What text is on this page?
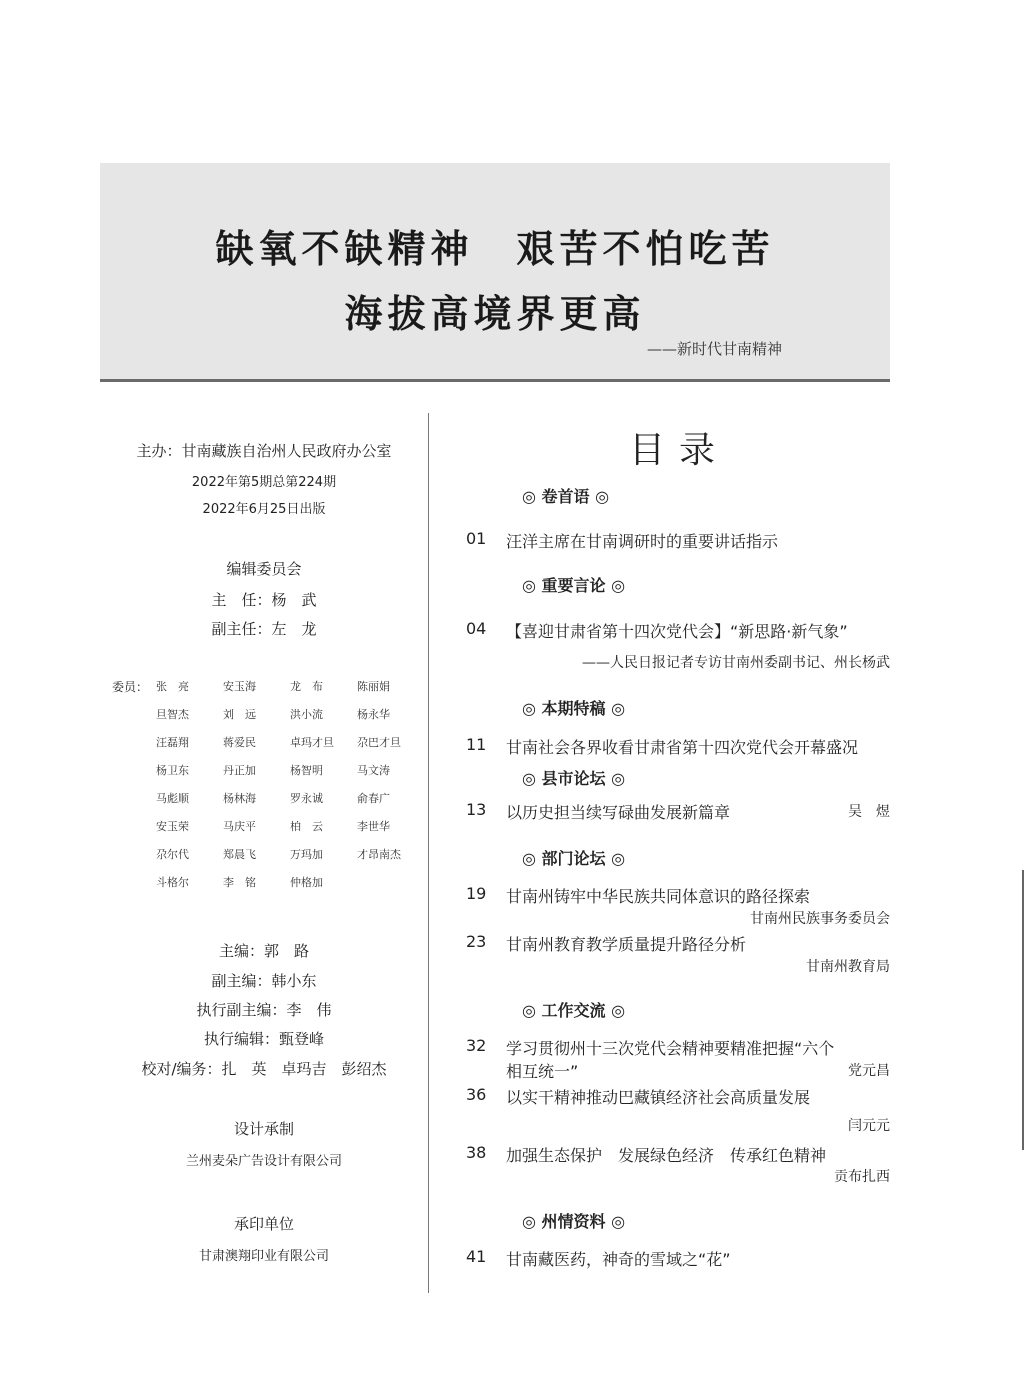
缺氧不缺精神　艰苦不怕吃苦
海拔高境界更高
——新时代甘南精神
主办：甘南藏族自治州人民政府办公室
2022年第5期总第224期
2022年6月25日出版
编辑委员会
主　任：杨　武
副主任：左　龙
委员： 张　亮	安玉海	龙　布	陈丽娟
旦智杰	刘　远	洪小流	杨永华
汪磊翔	蒋爱民	卓玛才旦	尕巴才旦
杨卫东	丹正加	杨智明	马文涛
马彪顺	杨林海	罗永诚	俞春广
安玉荣	马庆平	柏　云	李世华
尕尔代	郑晨飞	万玛加	才昂南杰
斗格尔	李　铭	仲格加
主编：郭　路
副主编：韩小东
执行副主编：李　伟
执行编辑：甄登峰
校对/编务：扎　英　卓玛吉　彭绍杰
设计承制
兰州麦朵广告设计有限公司
承印单位
甘肃澳翔印业有限公司
目录
◎ 卷首语 ◎
01	汪洋主席在甘南调研时的重要讲话指示
◎ 重要言论 ◎
04	【喜迎甘肃省第十四次党代会】“新思路·新气象”
——人民日报记者专访甘南州委副书记、州长杨武
◎ 本期特稿 ◎
11	甘南社会各界收看甘肃省第十四次党代会开幕盛况
◎ 县市论坛 ◎
13	以历史担当续写碌曲发展新篇章	吴　煜
◎ 部门论坛 ◎
19	甘南州铸牢中华民族共同体意识的路径探索
甘南州民族事务委员会
23	甘南州教育教学质量提升路径分析
甘南州教育局
◎ 工作交流 ◎
32	学习贯彻州十三次党代会精神要精准把握“六个
相互统一”	党元昌
36	以实干精神推动巴藏镇经济社会高质量发展
闫元元
38	加强生态保护　发展绿色经济　传承红色精神
贡布扎西
◎ 州情资料 ◎
41	甘南藏医药，神奇的雪域之“花”
